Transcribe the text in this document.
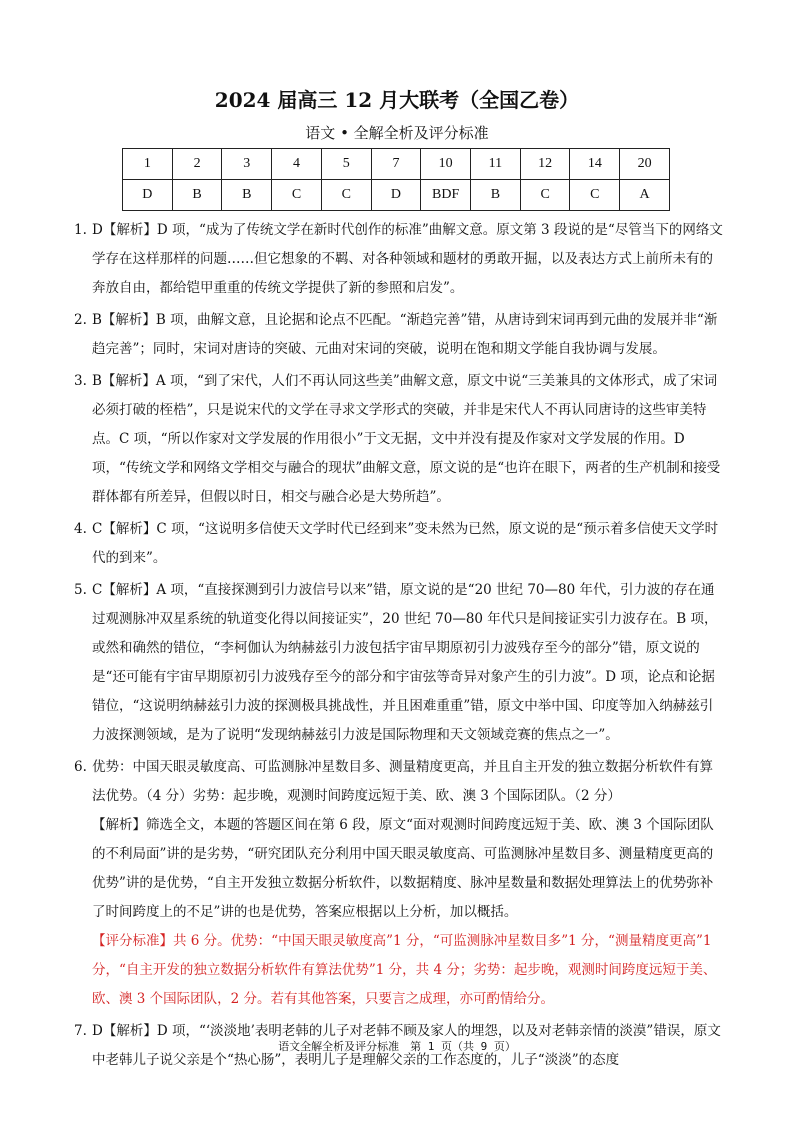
2024 届高三 12 月大联考（全国乙卷）
语文 • 全解全析及评分标准
1	2	3	4	5	7	10	11	12	14	20
D	B	B	C	C	D	BDF	B	C	C	A
1. D【解析】D 项，“成为了传统文学在新时代创作的标准”曲解文意。原文第 3 段说的是“尽管当下的网络文学存在这样那样的问题……但它想象的不羁、对各种领域和题材的勇敢开掘，以及表达方式上前所未有的奔放自由，都给铠甲重重的传统文学提供了新的参照和启发”。

2. B【解析】B 项，曲解文意，且论据和论点不匹配。“渐趋完善”错，从唐诗到宋词再到元曲的发展并非“渐趋完善”；同时，宋词对唐诗的突破、元曲对宋词的突破，说明在饱和期文学能自我协调与发展。

3. B【解析】A 项，“到了宋代，人们不再认同这些美”曲解文意，原文中说“三美兼具的文体形式，成了宋词必须打破的桎梏”，只是说宋代的文学在寻求文学形式的突破，并非是宋代人不再认同唐诗的这些审美特点。C 项，“所以作家对文学发展的作用很小”于文无据，文中并没有提及作家对文学发展的作用。D 项，“传统文学和网络文学相交与融合的现状”曲解文意，原文说的是“也许在眼下，两者的生产机制和接受群体都有所差异，但假以时日，相交与融合必是大势所趋”。

4. C【解析】C 项，“这说明多信使天文学时代已经到来”变未然为已然，原文说的是“预示着多信使天文学时代的到来”。

5. C【解析】A 项，“直接探测到引力波信号以来”错，原文说的是“20 世纪 70—80 年代，引力波的存在通过观测脉冲双星系统的轨道变化得以间接证实”，20 世纪 70—80 年代只是间接证实引力波存在。B 项，或然和确然的错位，“李柯伽认为纳赫兹引力波包括宇宙早期原初引力波残存至今的部分”错，原文说的是“还可能有宇宙早期原初引力波残存至今的部分和宇宙弦等奇异对象产生的引力波”。D 项，论点和论据错位，“这说明纳赫兹引力波的探测极具挑战性，并且困难重重”错，原文中举中国、印度等加入纳赫兹引力波探测领域，是为了说明“发现纳赫兹引力波是国际物理和天文领域竞赛的焦点之一”。

6. 优势：中国天眼灵敏度高、可监测脉冲星数目多、测量精度更高，并且自主开发的独立数据分析软件有算法优势。（4 分）劣势：起步晚，观测时间跨度远短于美、欧、澳 3 个国际团队。（2 分）

【解析】筛选全文，本题的答题区间在第 6 段，原文“面对观测时间跨度远短于美、欧、澳 3 个国际团队的不利局面”讲的是劣势，“研究团队充分利用中国天眼灵敏度高、可监测脉冲星数目多、测量精度更高的优势”讲的是优势，“自主开发独立数据分析软件，以数据精度、脉冲星数量和数据处理算法上的优势弥补了时间跨度上的不足”讲的也是优势，答案应根据以上分析，加以概括。

【评分标准】共 6 分。优势：“中国天眼灵敏度高”1 分，“可监测脉冲星数目多”1 分，“测量精度更高”1 分，“自主开发的独立数据分析软件有算法优势”1 分，共 4 分；劣势：起步晚，观测时间跨度远短于美、欧、澳 3 个国际团队，2 分。若有其他答案，只要言之成理，亦可酌情给分。

7. D【解析】D 项，“‘淡淡地’表明老韩的儿子对老韩不顾及家人的埋怨，以及对老韩亲情的淡漠”错误，原文中老韩儿子说父亲是个“热心肠”，表明儿子是理解父亲的工作态度的，儿子“淡淡”的态度

语文全解全析及评分标准　第 1 页（共 9 页）
